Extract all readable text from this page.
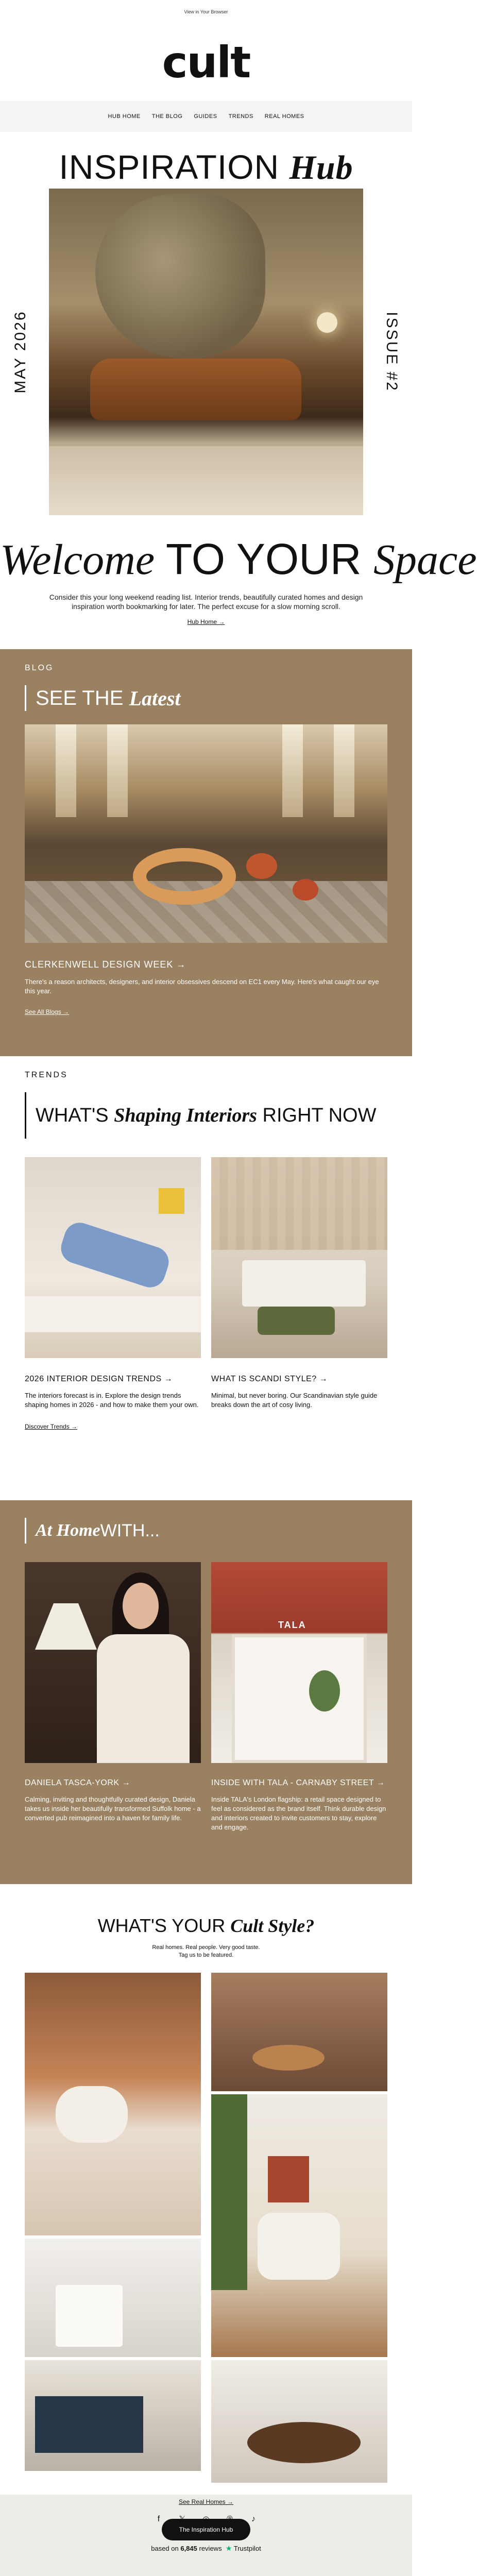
View in Your Browser
cult
HUB HOME THE BLOG GUIDES TRENDS REAL HOMES
INSPIRATION Hub
MAY 2026	ISSUE #2
Welcome TO YOUR Space

Consider this your long weekend reading list. Interior trends, beautifully curated homes and design inspiration worth bookmarking for later. The perfect excuse for a slow morning scroll.

Hub Home →
BLOG
SEE THE
Latest
CLERKENWELL DESIGN WEEK →

There's a reason architects, designers, and interior obsessives descend on EC1 every May. Here's what caught our eye this year.

See All Blogs →
TRENDS
WHAT'S Shaping Interiors RIGHT NOW
2026 INTERIOR DESIGN TRENDS →

The interiors forecast is in. Explore the design trends shaping homes in 2026 - and how to make them your own.

WHAT IS SCANDI STYLE? →

Minimal, but never boring. Our Scandinavian style guide breaks down the art of cosy living.

Discover Trends →
At Home WITH...
DANIELA TASCA-YORK →

Calming, inviting and thoughtfully curated design, Daniela takes us inside her beautifully transformed Suffolk home - a converted pub reimagined into a haven for family life.

TALA
INSIDE WITH TALA - CARNABY STREET →

Inside TALA's London flagship: a retail space designed to feel as considered as the brand itself. Think durable design and interiors created to invite customers to stay, explore and engage.

WHAT'S YOUR Cult Style?
Real homes. Real people. Very good taste.
Tag us to be featured.
See Real Homes →
The Inspiration Hub
f	𝕏 ◎ ℗	♪
based on 6,845 reviews ★ Trustpilot
